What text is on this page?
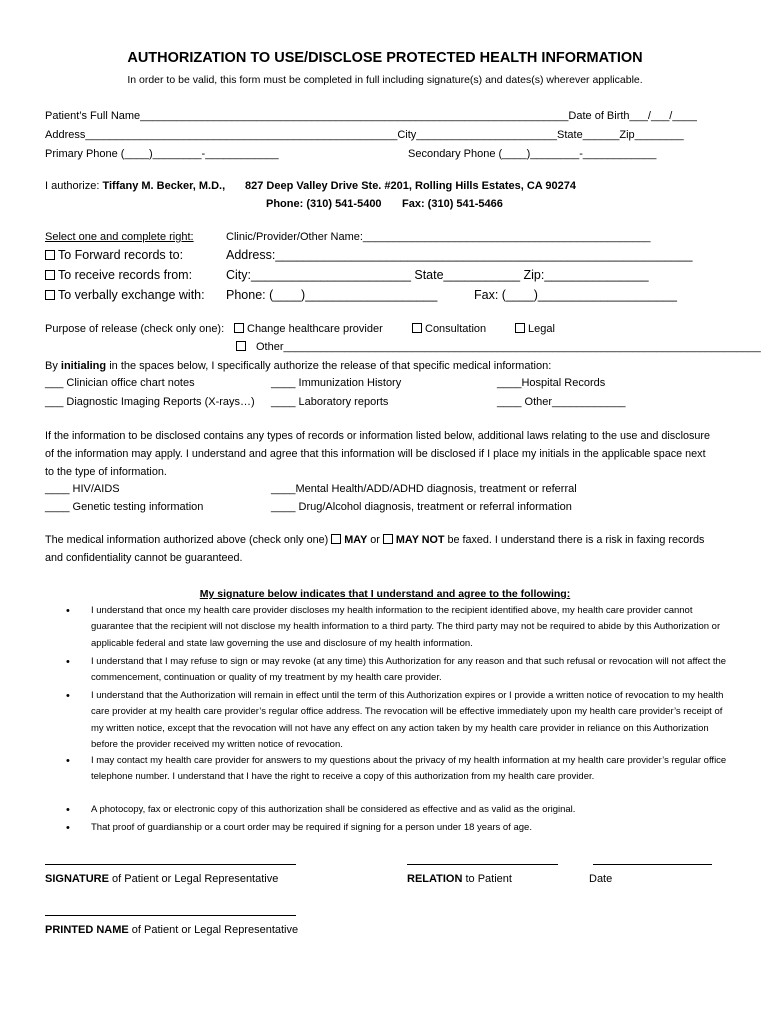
AUTHORIZATION TO USE/DISCLOSE PROTECTED HEALTH INFORMATION
In order to be valid, this form must be completed in full including signature(s) and dates(s) wherever applicable.
Patient’s Full Name______________________________________________________________________Date of Birth___/___/____
Address___________________________________________________City_______________________State______Zip________
Primary Phone (____)________-____________	Secondary Phone (____)________-____________
I authorize: Tiffany M. Becker, M.D., 827 Deep Valley Drive Ste. #201, Rolling Hills Estates, CA 90274
Phone: (310) 541-5400 Fax: (310) 541-5466
Select one and complete right:	Clinic/Provider/Other Name:_______________________________________________
To Forward records to:	Address:____________________________________________________________
To receive records from:	City:_______________________ State___________ Zip:_______________
To verbally exchange with: Phone: (____)___________________	Fax: (____)____________________
Purpose of release (check only one):	Change healthcare provider	Consultation	Legal
Other______________________________________________________________________________
By initialing in the spaces below, I specifically authorize the release of that specific medical information:
___ Clinician office chart notes	____ Immunization History	____Hospital Records
___ Diagnostic Imaging Reports (X-rays…) ____ Laboratory reports	____ Other____________
If the information to be disclosed contains any types of records or information listed below, additional laws relating to the use and disclosure of the information may apply. I understand and agree that this information will be disclosed if I place my initials in the applicable space next to the type of information.
____ HIV/AIDS	____Mental Health/ADD/ADHD diagnosis, treatment or referral
____ Genetic testing information	____ Drug/Alcohol diagnosis, treatment or referral information
The medical information authorized above (check only one) MAY or MAY NOT be faxed. I understand there is a risk in faxing records and confidentiality cannot be guaranteed.
My signature below indicates that I understand and agree to the following:
• I understand that once my health care provider discloses my health information to the recipient identified above, my health care provider cannot guarantee that the recipient will not disclose my health information to a third party. The third party may not be required to abide by this Authorization or applicable federal and state law governing the use and disclosure of my health information.
• I understand that I may refuse to sign or may revoke (at any time) this Authorization for any reason and that such refusal or revocation will not affect the commencement, continuation or quality of my treatment by my health care provider.
• I understand that the Authorization will remain in effect until the term of this Authorization expires or I provide a written notice of revocation to my health care provider at my health care provider’s regular office address. The revocation will be effective immediately upon my health care provider’s receipt of my written notice, except that the revocation will not have any effect on any action taken by my health care provider in reliance on this Authorization before the provider received my written notice of revocation.
• I may contact my health care provider for answers to my questions about the privacy of my health information at my health care provider’s regular office telephone number. I understand that I have the right to receive a copy of this authorization from my health care provider.
• A photocopy, fax or electronic copy of this authorization shall be considered as effective and as valid as the original.
• That proof of guardianship or a court order may be required if signing for a person under 18 years of age.
SIGNATURE of Patient or Legal Representative	RELATION to Patient	Date
PRINTED NAME of Patient or Legal Representative
